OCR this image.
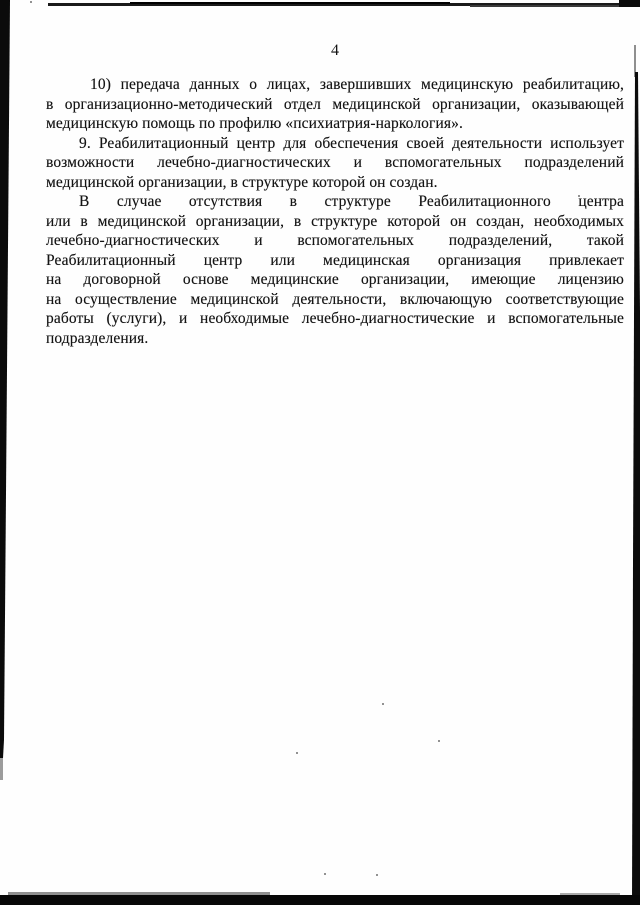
4
10) передача данных о лицах, завершивших медицинскую реабилитацию,
в организационно-методический отдел медицинской организации, оказывающей
медицинскую помощь по профилю «психиатрия-наркология».
9. Реабилитационный центр для обеспечения своей деятельности использует
возможности лечебно-диагностических и вспомогательных подразделений
медицинской организации, в структуре которой он создан.
В случае отсутствия в структуре Реабилитационного центра
или в медицинской организации, в структуре которой он создан, необходимых
лечебно-диагностических и вспомогательных подразделений, такой
Реабилитационный центр или медицинская организация привлекает
на договорной основе медицинские организации, имеющие лицензию
на осуществление медицинской деятельности, включающую соответствующие
работы (услуги), и необходимые лечебно-диагностические и вспомогательные
подразделения.
